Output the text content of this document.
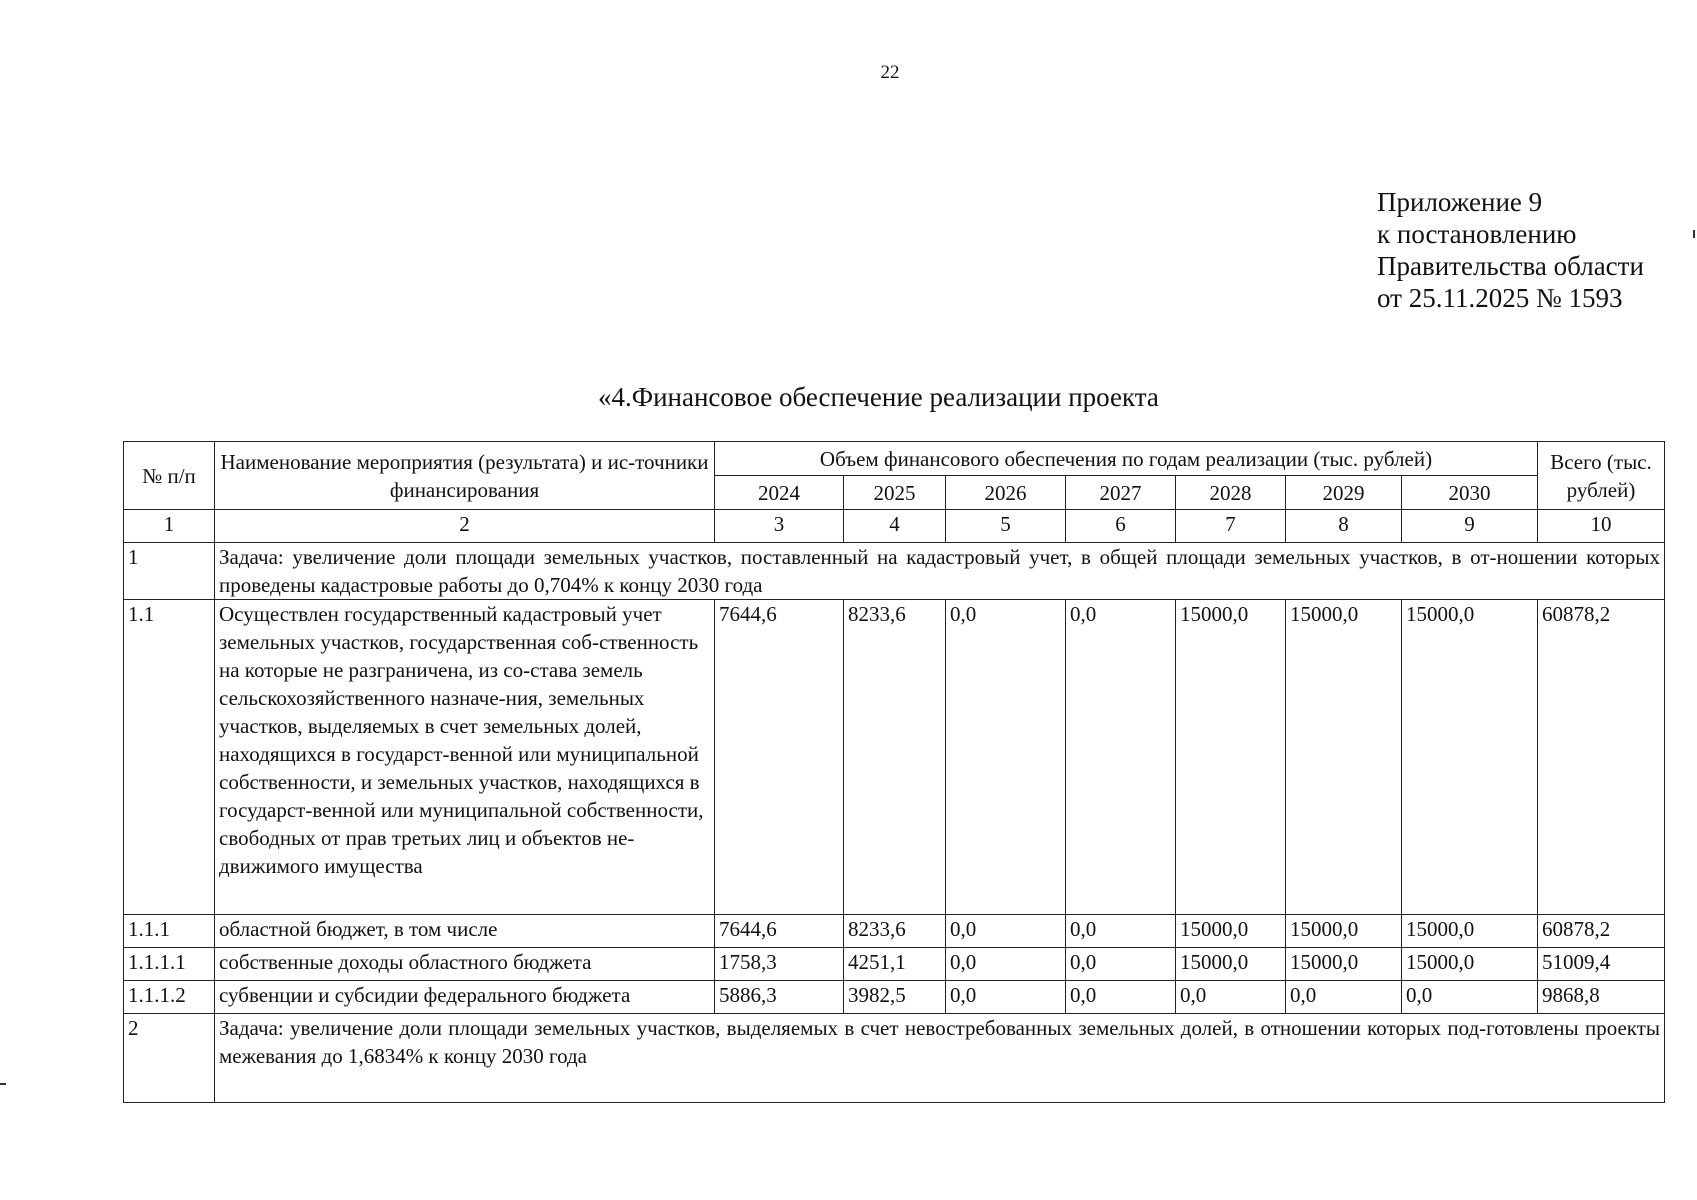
22
Приложение 9
к постановлению
Правительства области
от 25.11.2025 № 1593
«4.Финансовое обеспечение реализации проекта
№ п/п	Наименование мероприятия (результата) и ис-точники финансирования	Объем финансового обеспечения по годам реализации (тыс. рублей)							Всего (тыс. рублей)
		2024	2025	2026	2027	2028	2029	2030	
1	2	3	4	5	6	7	8	9	10
1	Задача: увеличение доли площади земельных участков, поставленный на кадастровый учет, в общей площади земельных участков, в от-ношении которых проведены кадастровые работы до 0,704% к концу 2030 года								
1.1	Осуществлен государственный кадастровый учет земельных участков, государственная соб-ственность на которые не разграничена, из со-става земель сельскохозяйственного назначе-ния, земельных участков, выделяемых в счет земельных долей, находящихся в государст-венной или муниципальной собственности, и земельных участков, находящихся в государст-венной или муниципальной собственности, свободных от прав третьих лиц и объектов не-движимого имущества	7644,6	8233,6	0,0	0,0	15000,0	15000,0	15000,0	60878,2
1.1.1	областной бюджет, в том числе	7644,6	8233,6	0,0	0,0	15000,0	15000,0	15000,0	60878,2
1.1.1.1	собственные доходы областного бюджета	1758,3	4251,1	0,0	0,0	15000,0	15000,0	15000,0	51009,4
1.1.1.2	субвенции и субсидии федерального бюджета	5886,3	3982,5	0,0	0,0	0,0	0,0	0,0	9868,8
2	Задача: увеличение доли площади земельных участков, выделяемых в счет невостребованных земельных долей, в отношении которых под-готовлены проекты межевания до 1,6834% к концу 2030 года								
